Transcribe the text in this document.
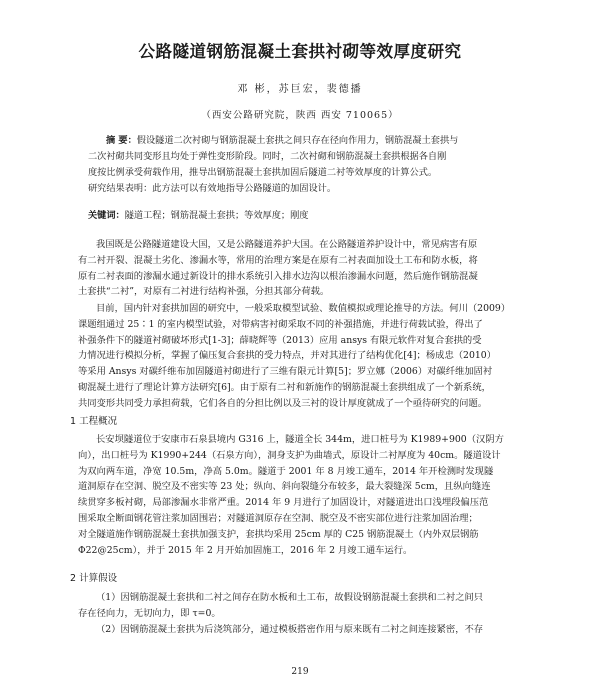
公路隧道钢筋混凝土套拱衬砌等效厚度研究
邓 彬，苏巨宏，裴德播
（西安公路研究院，陕西 西安 710065）
摘 要：假设隧道二次衬砌与钢筋混凝土套拱之间只存在径向作用力，钢筋混凝土套拱与
二次衬砌共同变形且均处于弹性变形阶段。同时，二次衬砌和钢筋混凝土套拱根据各自刚
度按比例承受荷载作用，推导出钢筋混凝土套拱加固后隧道二衬等效厚度的计算公式。
研究结果表明：此方法可以有效地指导公路隧道的加固设计。
关键词：隧道工程；钢筋混凝土套拱；等效厚度；刚度
我国既是公路隧道建设大国，又是公路隧道养护大国。在公路隧道养护设计中，常见病害有原
有二衬开裂、混凝土劣化、渗漏水等，常用的治理方案是在原有二衬表面加设土工布和防水板，将
原有二衬表面的渗漏水通过新设计的排水系统引入排水边沟以根治渗漏水问题，然后施作钢筋混凝
土套拱“二衬”，对原有二衬进行结构补强，分担其部分荷载。
目前，国内针对套拱加固的研究中，一般采取模型试验、数值模拟或理论推导的方法。何川（2009）
课题组通过 25∶1 的室内模型试验，对带病害衬砌采取不同的补强措施，并进行荷载试验，得出了
补强条件下的隧道衬砌破坏形式[1-3]；薛晓辉等（2013）应用 ansys 有限元软件对复合套拱的受
力情况进行模拟分析，掌握了偏压复合套拱的受力特点，并对其进行了结构优化[4]；杨成忠（2010）
等采用 Ansys 对碳纤维布加固隧道衬砌进行了三维有限元计算[5]；罗立娜（2006）对碳纤维加固衬
砌混凝土进行了理论计算方法研究[6]。由于原有二衬和新施作的钢筋混凝土套拱组成了一个新系统，
共同变形共同受力承担荷载，它们各自的分担比例以及三衬的设计厚度就成了一个亟待研究的问题。
1 工程概况
长安坝隧道位于安康市石泉县境内 G316 上，隧道全长 344m，进口桩号为 K1989+900（汉阴方
向），出口桩号为 K1990+244（石泉方向），洞身支护为曲墙式，原设计二衬厚度为 40cm。隧道设计
为双向两车道，净宽 10.5m，净高 5.0m。隧道于 2001 年 8 月竣工通车，2014 年开检测时发现隧
道洞原存在空洞、脱空及不密实等 23 处；纵向、斜向裂缝分布较多，最大裂缝深 5cm，且纵向缝连
续贯穿多板衬砌，局部渗漏水非常严重。2014 年 9 月进行了加固设计，对隧道进出口浅埋段偏压范
围采取全断面钢花管注浆加固围岩；对隧道洞原存在空洞、脱空及不密实部位进行注浆加固治理；
对全隧道施作钢筋混凝土套拱加强支护，套拱均采用 25cm 厚的 C25 钢筋混凝土（内外双层钢筋
Φ22@25cm），并于 2015 年 2 月开始加固施工，2016 年 2 月竣工通车运行。
2 计算假设
（1）因钢筋混凝土套拱和二衬之间存在防水板和土工布，故假设钢筋混凝土套拱和二衬之间只
存在径向力，无切向力，即 τ=0。
（2）因钢筋混凝土套拱为后浇筑部分，通过模板搭密作用与原来既有二衬之间连接紧密，不存
219
